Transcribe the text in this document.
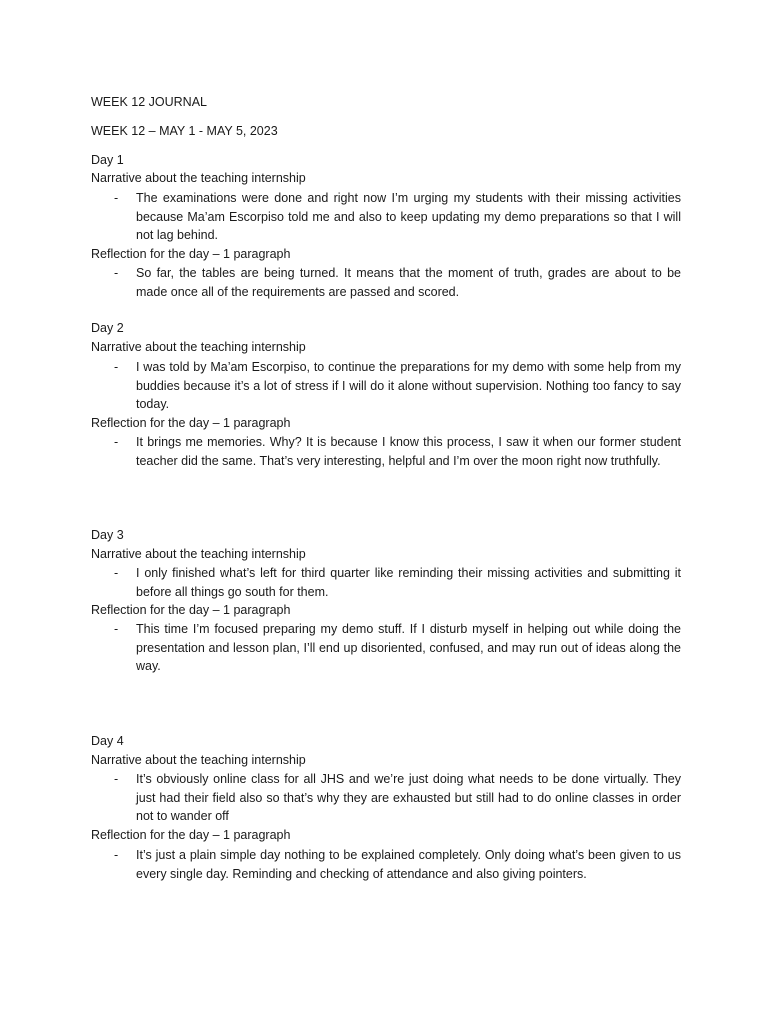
WEEK 12 JOURNAL
WEEK 12 – MAY 1 - MAY 5, 2023
Day 1
Narrative about the teaching internship
-	The examinations were done and right now I’m urging my students with their missing activities because Ma’am Escorpiso told me and also to keep updating my demo preparations so that I will not lag behind.
Reflection for the day – 1 paragraph
-	So far, the tables are being turned. It means that the moment of truth, grades are about to be made once all of the requirements are passed and scored.
Day 2
Narrative about the teaching internship
-	I was told by Ma’am Escorpiso, to continue the preparations for my demo with some help from my buddies because it’s a lot of stress if I will do it alone without supervision. Nothing too fancy to say today.
Reflection for the day – 1 paragraph
-	It brings me memories. Why? It is because I know this process, I saw it when our former student teacher did the same. That’s very interesting, helpful and I’m over the moon right now truthfully.
Day 3
Narrative about the teaching internship
-	I only finished what’s left for third quarter like reminding their missing activities and submitting it before all things go south for them.
Reflection for the day – 1 paragraph
-	This time I’m focused preparing my demo stuff. If I disturb myself in helping out while doing the presentation and lesson plan, I’ll end up disoriented, confused, and may run out of ideas along the way.
Day 4
Narrative about the teaching internship
-	It’s obviously online class for all JHS and we’re just doing what needs to be done virtually. They just had their field also so that’s why they are exhausted but still had to do online classes in order not to wander off
Reflection for the day – 1 paragraph
-	It’s just a plain simple day nothing to be explained completely. Only doing what’s been given to us every single day. Reminding and checking of attendance and also giving pointers.
